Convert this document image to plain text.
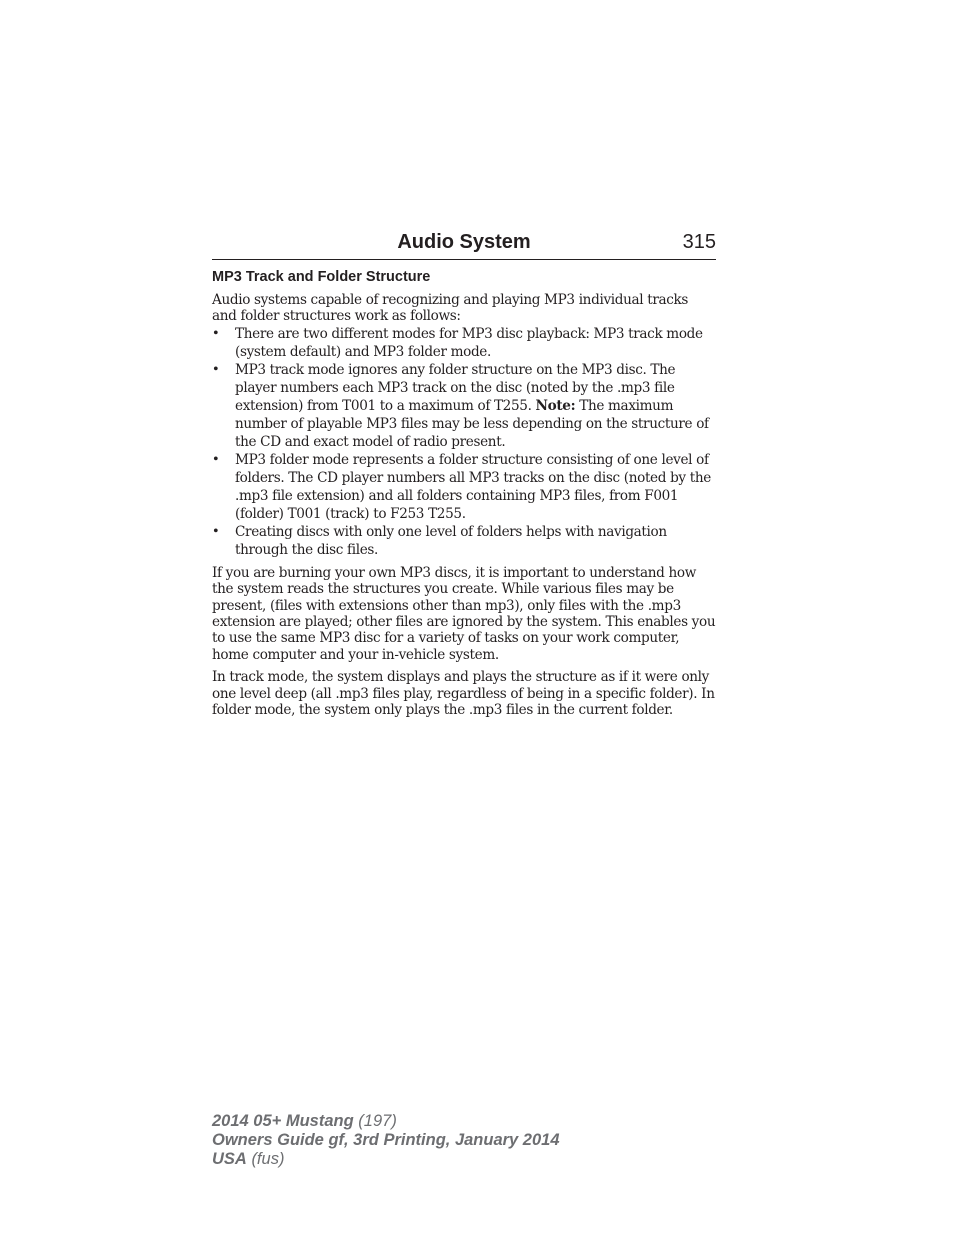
Audio System	315
MP3 Track and Folder Structure

Audio systems capable of recognizing and playing MP3 individual tracks and folder structures work as follows:

• There are two different modes for MP3 disc playback: MP3 track mode (system default) and MP3 folder mode.
• MP3 track mode ignores any folder structure on the MP3 disc. The player numbers each MP3 track on the disc (noted by the .mp3 file extension) from T001 to a maximum of T255. Note: The maximum number of playable MP3 files may be less depending on the structure of the CD and exact model of radio present.
• MP3 folder mode represents a folder structure consisting of one level of folders. The CD player numbers all MP3 tracks on the disc (noted by the .mp3 file extension) and all folders containing MP3 files, from F001 (folder) T001 (track) to F253 T255.
• Creating discs with only one level of folders helps with navigation through the disc files.

If you are burning your own MP3 discs, it is important to understand how the system reads the structures you create. While various files may be present, (files with extensions other than mp3), only files with the .mp3 extension are played; other files are ignored by the system. This enables you to use the same MP3 disc for a variety of tasks on your work computer, home computer and your in-vehicle system.

In track mode, the system displays and plays the structure as if it were only one level deep (all .mp3 files play, regardless of being in a specific folder). In folder mode, the system only plays the .mp3 files in the current folder.

2014 05+ Mustang (197)
Owners Guide gf, 3rd Printing, January 2014
USA (fus)
